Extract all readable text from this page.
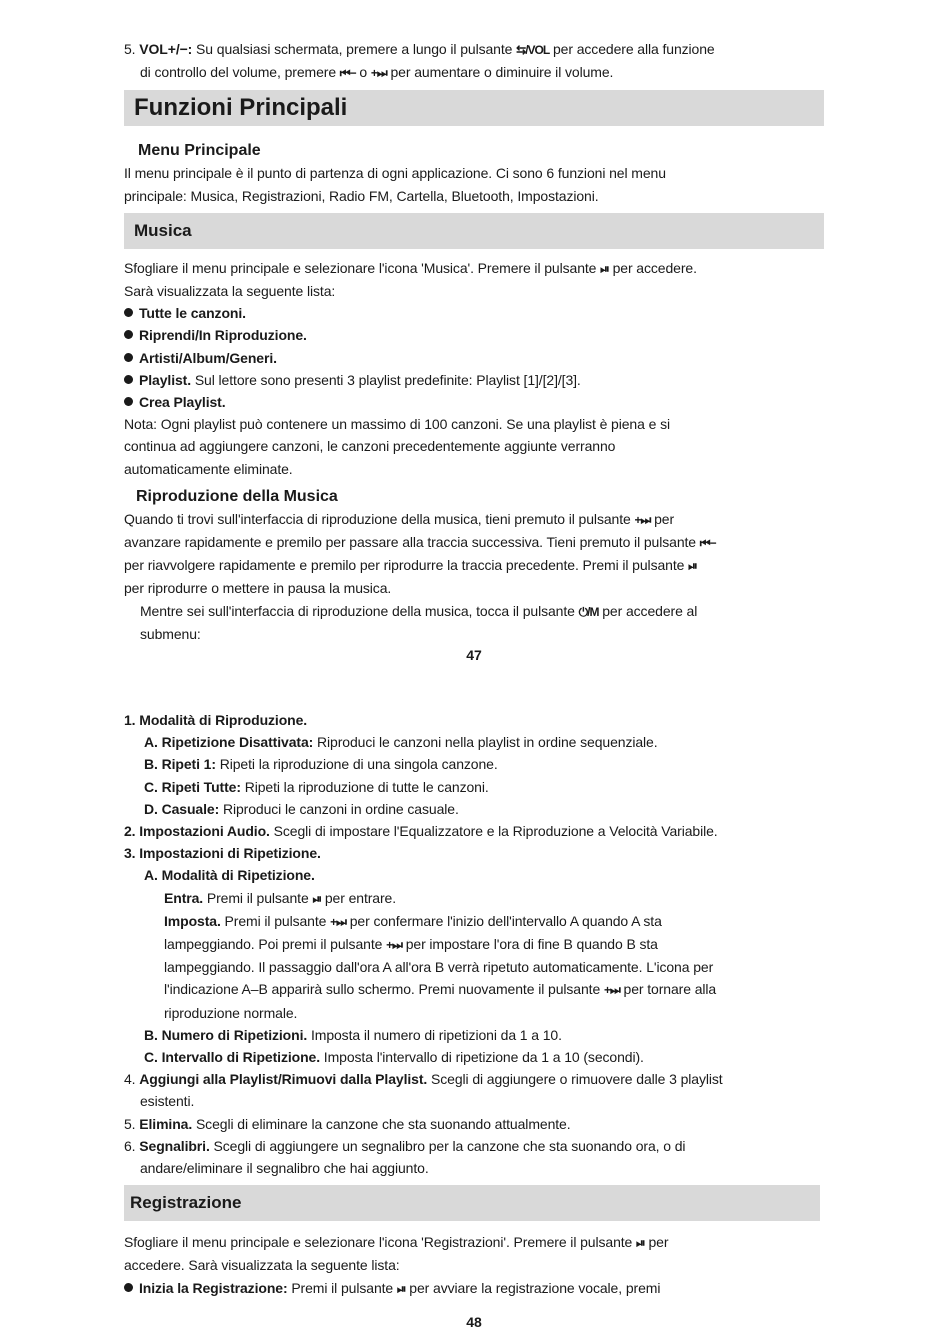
5. VOL+/−: Su qualsiasi schermata, premere a lungo il pulsante ⇆/VOL per accedere alla funzione
di controllo del volume, premere ⏮− o +⏭ per aumentare o diminuire il volume.
Funzioni Principali
Menu Principale
Il menu principale è il punto di partenza di ogni applicazione. Ci sono 6 funzioni nel menu
principale: Musica, Registrazioni, Radio FM, Cartella, Bluetooth, Impostazioni.
Musica
Sfogliare il menu principale e selezionare l'icona 'Musica'. Premere il pulsante ⏯ per accedere.
Sarà visualizzata la seguente lista:
Tutte le canzoni.
Riprendi/In Riproduzione.
Artisti/Album/Generi.
Playlist. Sul lettore sono presenti 3 playlist predefinite: Playlist [1]/[2]/[3].
Crea Playlist.
Nota: Ogni playlist può contenere un massimo di 100 canzoni. Se una playlist è piena e si
continua ad aggiungere canzoni, le canzoni precedentemente aggiunte verranno
automaticamente eliminate.
Riproduzione della Musica
Quando ti trovi sull'interfaccia di riproduzione della musica, tieni premuto il pulsante +⏭ per
avanzare rapidamente e premilo per passare alla traccia successiva. Tieni premuto il pulsante ⏮−
per riavvolgere rapidamente e premilo per riprodurre la traccia precedente. Premi il pulsante ⏯
per riprodurre o mettere in pausa la musica.
Mentre sei sull'interfaccia di riproduzione della musica, tocca il pulsante ⏻/M per accedere al
submenu:
47
1. Modalità di Riproduzione.
A. Ripetizione Disattivata: Riproduci le canzoni nella playlist in ordine sequenziale.
B. Ripeti 1: Ripeti la riproduzione di una singola canzone.
C. Ripeti Tutte: Ripeti la riproduzione di tutte le canzoni.
D. Casuale: Riproduci le canzoni in ordine casuale.
2. Impostazioni Audio. Scegli di impostare l'Equalizzatore e la Riproduzione a Velocità Variabile.
3. Impostazioni di Ripetizione.
A. Modalità di Ripetizione.
Entra. Premi il pulsante ⏯ per entrare.
Imposta. Premi il pulsante +⏭ per confermare l'inizio dell'intervallo A quando A sta
lampeggiando. Poi premi il pulsante +⏭ per impostare l'ora di fine B quando B sta
lampeggiando. Il passaggio dall'ora A all'ora B verrà ripetuto automaticamente. L'icona per
l'indicazione A–B apparirà sullo schermo. Premi nuovamente il pulsante +⏭ per tornare alla
riproduzione normale.
B. Numero di Ripetizioni. Imposta il numero di ripetizioni da 1 a 10.
C. Intervallo di Ripetizione. Imposta l'intervallo di ripetizione da 1 a 10 (secondi).
4. Aggiungi alla Playlist/Rimuovi dalla Playlist. Scegli di aggiungere o rimuovere dalle 3 playlist
esistenti.
5. Elimina. Scegli di eliminare la canzone che sta suonando attualmente.
6. Segnalibri. Scegli di aggiungere un segnalibro per la canzone che sta suonando ora, o di
andare/eliminare il segnalibro che hai aggiunto.
Registrazione
Sfogliare il menu principale e selezionare l'icona 'Registrazioni'. Premere il pulsante ⏯ per
accedere. Sarà visualizzata la seguente lista:
Inizia la Registrazione: Premi il pulsante ⏯ per avviare la registrazione vocale, premi
48
